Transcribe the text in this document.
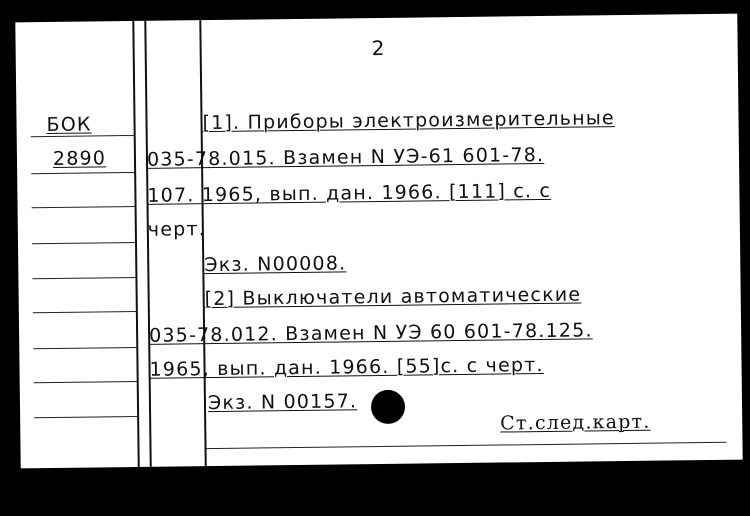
2
БОК
2890
[1]. Приборы электроизмерительные
035-78.015. Взамен N УЭ-61 601-78.
107. 1965, вып. дан. 1966. [111] с. с
черт.
Экз. N00008.
[2] Выключатели автоматические
035-78.012. Взамен N УЭ 60 601-78.125.
1965, вып. дан. 1966. [55]с. с черт.
Экз. N 00157.
Ст.след.карт.
